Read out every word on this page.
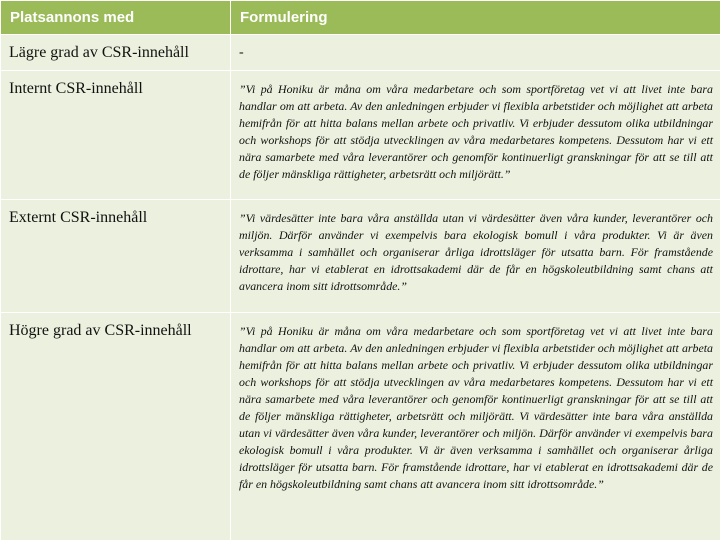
Platsannons med	Formulering
Lägre grad av CSR-innehåll	-
Internt CSR-innehåll	”Vi på Honiku är måna om våra medarbetare och som sportföretag vet vi att livet inte bara handlar om att arbeta. Av den anledningen erbjuder vi flexibla arbetstider och möjlighet att arbeta hemifrån för att hitta balans mellan arbete och privatliv. Vi erbjuder dessutom olika utbildningar och workshops för att stödja utvecklingen av våra medarbetares kompetens. Dessutom har vi ett nära samarbete med våra leverantörer och genomför kontinuerligt granskningar för att se till att de följer mänskliga rättigheter, arbetsrätt och miljörätt.”
Externt CSR-innehåll	”Vi värdesätter inte bara våra anställda utan vi värdesätter även våra kunder, leverantörer och miljön. Därför använder vi exempelvis bara ekologisk bomull i våra produkter. Vi är även verksamma i samhället och organiserar årliga idrottsläger för utsatta barn. För framstående idrottare, har vi etablerat en idrottsakademi där de får en högskoleutbildning samt chans att avancera inom sitt idrottsområde.”
Högre grad av CSR-innehåll	”Vi på Honiku är måna om våra medarbetare och som sportföretag vet vi att livet inte bara handlar om att arbeta. Av den anledningen erbjuder vi flexibla arbetstider och möjlighet att arbeta hemifrån för att hitta balans mellan arbete och privatliv. Vi erbjuder dessutom olika utbildningar och workshops för att stödja utvecklingen av våra medarbetares kompetens. Dessutom har vi ett nära samarbete med våra leverantörer och genomför kontinuerligt granskningar för att se till att de följer mänskliga rättigheter, arbetsrätt och miljörätt. Vi värdesätter inte bara våra anställda utan vi värdesätter även våra kunder, leverantörer och miljön. Därför använder vi exempelvis bara ekologisk bomull i våra produkter. Vi är även verksamma i samhället och organiserar årliga idrottsläger för utsatta barn. För framstående idrottare, har vi etablerat en idrottsakademi där de får en högskoleutbildning samt chans att avancera inom sitt idrottsområde.”
